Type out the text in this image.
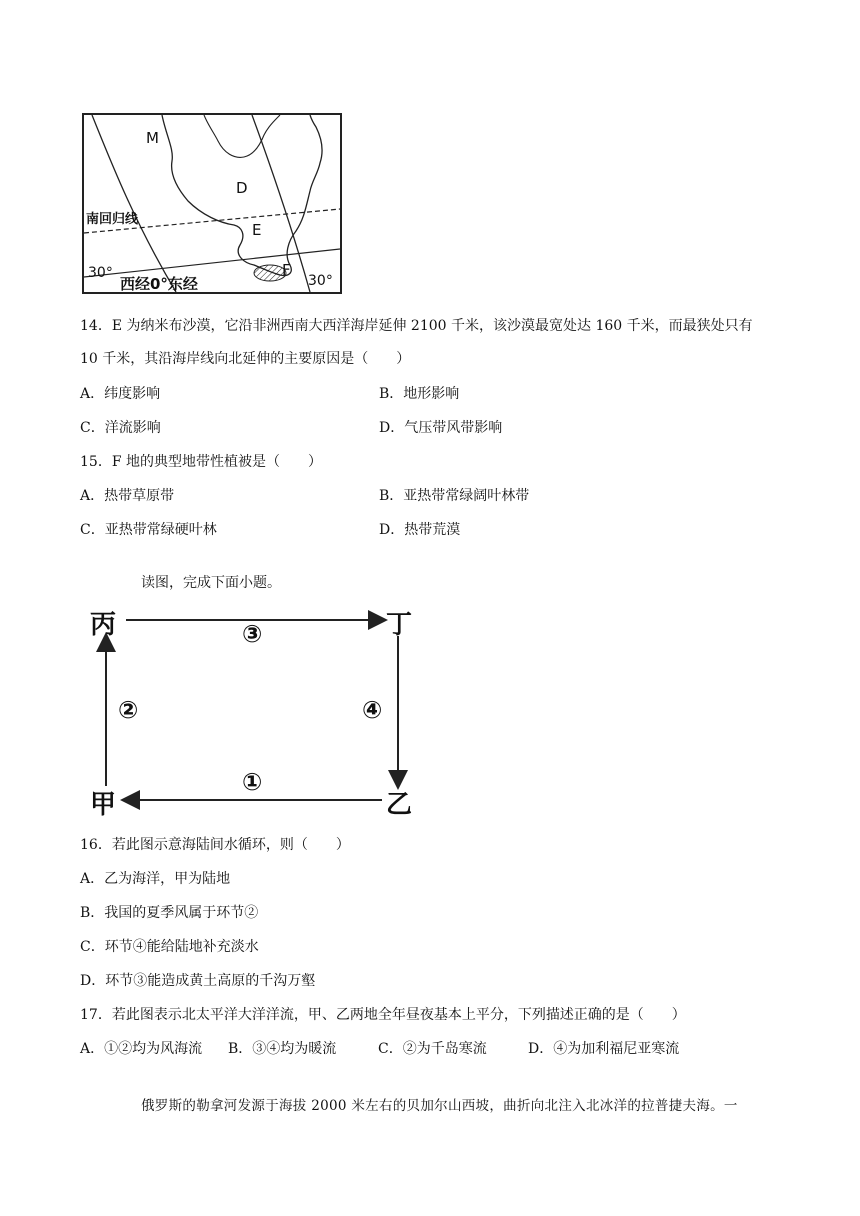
M
D
E
F
南回归线
30°
西经0°东经	30°
14．E 为纳米布沙漠，它沿非洲西南大西洋海岸延伸 2100 千米，该沙漠最宽处达 160 千米，而最狭处只有
10 千米，其沿海岸线向北延伸的主要原因是（　　）
A．纬度影响	B．地形影响
C．洋流影响	D．气压带风带影响
15．F 地的典型地带性植被是（　　）
A．热带草原带	B．亚热带常绿阔叶林带
C．亚热带常绿硬叶林	D．热带荒漠
读图，完成下面小题。
丙	丁
甲	乙
③
②	④
①
16．若此图示意海陆间水循环，则（　　）
A．乙为海洋，甲为陆地
B．我国的夏季风属于环节②
C．环节④能给陆地补充淡水
D．环节③能造成黄土高原的千沟万壑
17．若此图表示北太平洋大洋洋流，甲、乙两地全年昼夜基本上平分，下列描述正确的是（　　）
A．①②均为风海流 B．③④均为暖流	C．②为千岛寒流	D．④为加利福尼亚寒流
俄罗斯的勒拿河发源于海拔 2000 米左右的贝加尔山西坡，曲折向北注入北冰洋的拉普捷夫海。一
